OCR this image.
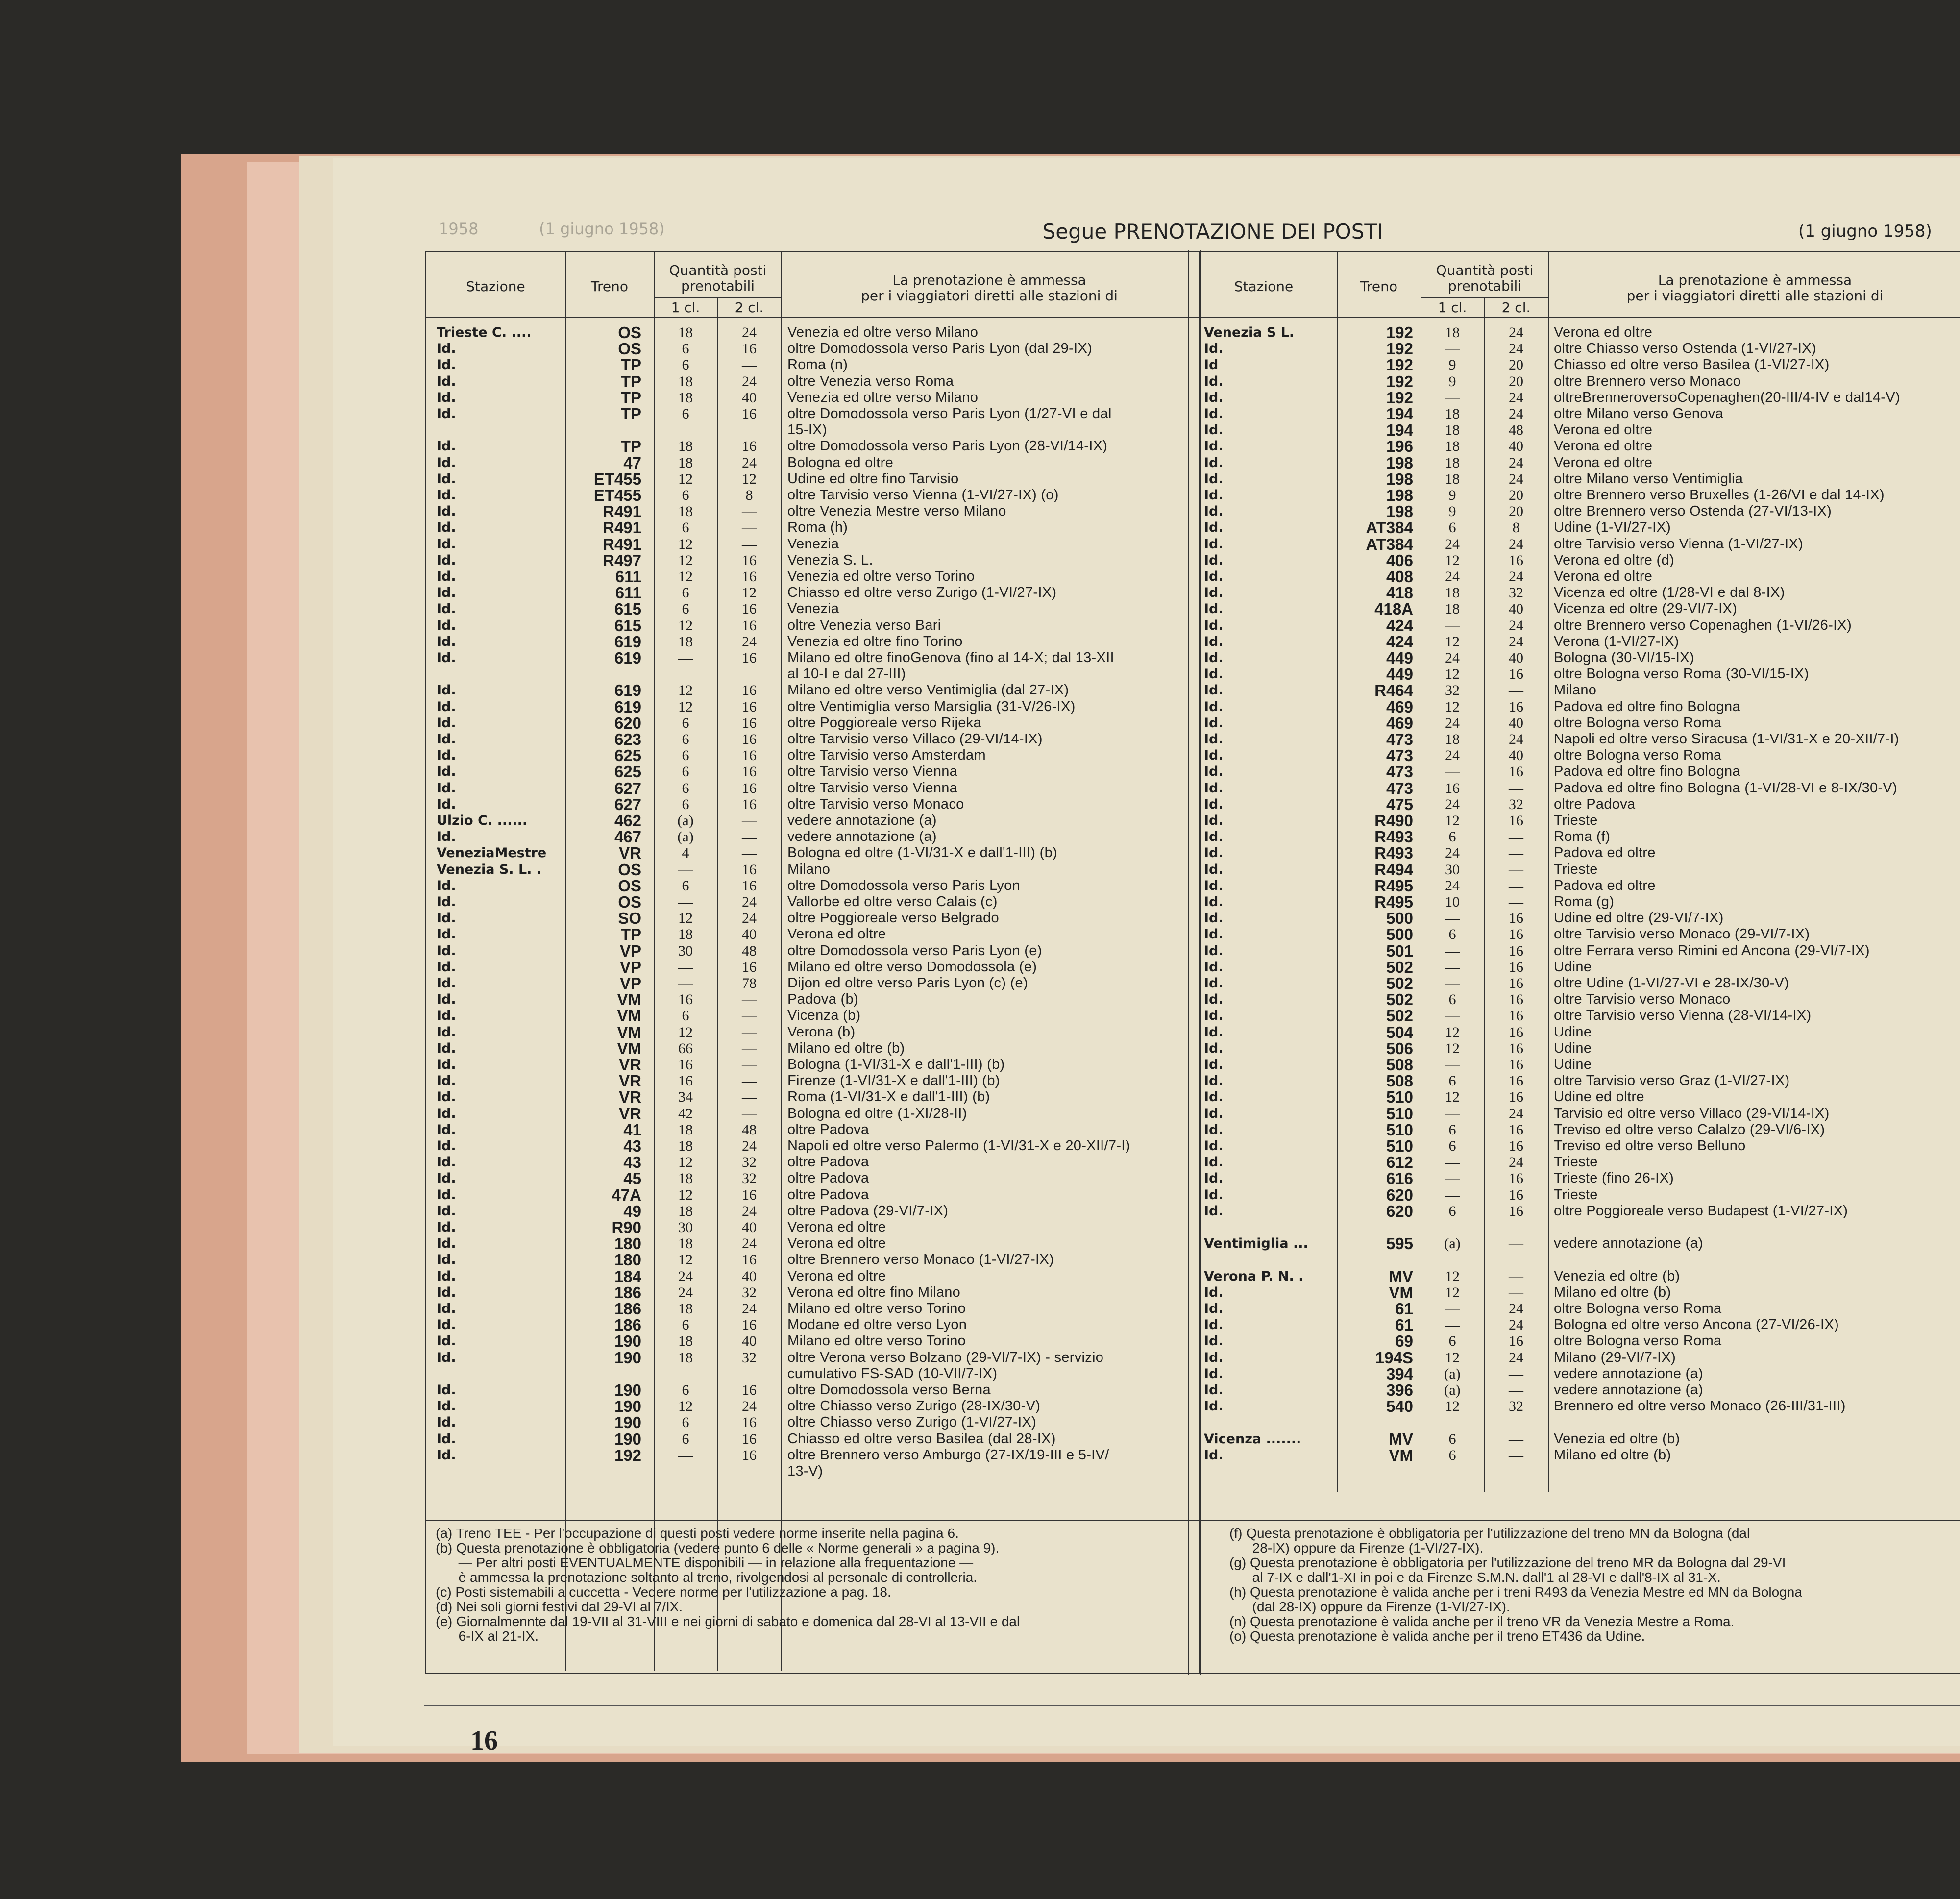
1958	(1 giugno 1958)	Segue PRENOTAZIONE DEI POSTI	(1 giugno 1958)
Stazione	Treno
Quantità posti prenotabili
1 cl.	2 cl.
La prenotazione è ammessa
per i viaggiatori diretti alle stazioni di
Trieste C. ....	OS	18	24	Venezia ed oltre verso Milano
Id.	OS	6	16	oltre Domodossola verso Paris Lyon (dal 29-IX)
Id.	TP	6	—	Roma (n)
Id.	TP	18	24	oltre Venezia verso Roma
Id.	TP	18	40	Venezia ed oltre verso Milano
Id.	TP	6	16	oltre Domodossola verso Paris Lyon (1/27-VI e dal
15-IX)
Id.	TP	18	16	oltre Domodossola verso Paris Lyon (28-VI/14-IX)
Id.	47	18	24	Bologna ed oltre
Id.	ET455	12	12	Udine ed oltre fino Tarvisio
Id.	ET455	6	8	oltre Tarvisio verso Vienna (1-VI/27-IX) (o)
Id.	R491	18	—	oltre Venezia Mestre verso Milano
Id.	R491	6	—	Roma (h)
Id.	R491	12	—	Venezia
Id.	R497	12	16	Venezia S. L.
Id.	611	12	16	Venezia ed oltre verso Torino
Id.	611	6	12	Chiasso ed oltre verso Zurigo (1-VI/27-IX)
Id.	615	6	16	Venezia
Id.	615	12	16	oltre Venezia verso Bari
Id.	619	18	24	Venezia ed oltre fino Torino
Id.	619	—	16	Milano ed oltre finoGenova (fino al 14-X; dal 13-XII
al 10-I e dal 27-III)
Id.	619	12	16	Milano ed oltre verso Ventimiglia (dal 27-IX)
Id.	619	12	16	oltre Ventimiglia verso Marsiglia (31-V/26-IX)
Id.	620	6	16	oltre Poggioreale verso Rijeka
Id.	623	6	16	oltre Tarvisio verso Villaco (29-VI/14-IX)
Id.	625	6	16	oltre Tarvisio verso Amsterdam
Id.	625	6	16	oltre Tarvisio verso Vienna
Id.	627	6	16	oltre Tarvisio verso Vienna
Id.	627	6	16	oltre Tarvisio verso Monaco
Ulzio C. ......	462	(a)	—	vedere annotazione (a)
Id.	467	(a)	—	vedere annotazione (a)
VeneziaMestre	VR	4	—	Bologna ed oltre (1-VI/31-X e dall'1-III) (b)
Venezia S. L. .	OS	—	16	Milano
Id.	OS	6	16	oltre Domodossola verso Paris Lyon
Id.	OS	—	24	Vallorbe ed oltre verso Calais (c)
Id.	SO	12	24	oltre Poggioreale verso Belgrado
Id.	TP	18	40	Verona ed oltre
Id.	VP	30	48	oltre Domodossola verso Paris Lyon (e)
Id.	VP	—	16	Milano ed oltre verso Domodossola (e)
Id.	VP	—	78	Dijon ed oltre verso Paris Lyon (c) (e)
Id.	VM	16	—	Padova (b)
Id.	VM	6	—	Vicenza (b)
Id.	VM	12	—	Verona (b)
Id.	VM	66	—	Milano ed oltre (b)
Id.	VR	16	—	Bologna (1-VI/31-X e dall'1-III) (b)
Id.	VR	16	—	Firenze (1-VI/31-X e dall'1-III) (b)
Id.	VR	34	—	Roma (1-VI/31-X e dall'1-III) (b)
Id.	VR	42	—	Bologna ed oltre (1-XI/28-II)
Id.	41	18	48	oltre Padova
Id.	43	18	24	Napoli ed oltre verso Palermo (1-VI/31-X e 20-XII/7-I)
Id.	43	12	32	oltre Padova
Id.	45	18	32	oltre Padova
Id.	47A	12	16	oltre Padova
Id.	49	18	24	oltre Padova (29-VI/7-IX)
Id.	R90	30	40	Verona ed oltre
Id.	180	18	24	Verona ed oltre
Id.	180	12	16	oltre Brennero verso Monaco (1-VI/27-IX)
Id.	184	24	40	Verona ed oltre
Id.	186	24	32	Verona ed oltre fino Milano
Id.	186	18	24	Milano ed oltre verso Torino
Id.	186	6	16	Modane ed oltre verso Lyon
Id.	190	18	40	Milano ed oltre verso Torino
Id.	190	18	32	oltre Verona verso Bolzano (29-VI/7-IX) - servizio
cumulativo FS-SAD (10-VII/7-IX)
Id.	190	6	16	oltre Domodossola verso Berna
Id.	190	12	24	oltre Chiasso verso Zurigo (28-IX/30-V)
Id.	190	6	16	oltre Chiasso verso Zurigo (1-VI/27-IX)
Id.	190	6	16	Chiasso ed oltre verso Basilea (dal 28-IX)
Id.	192	—	16	oltre Brennero verso Amburgo (27-IX/19-III e 5-IV/
13-V)
(a) Treno TEE - Per l'occupazione di questi posti vedere norme inserite nella pagina 6.
(b) Questa prenotazione è obbligatoria (vedere punto 6 delle « Norme generali » a pagina 9).
— Per altri posti EVENTUALMENTE disponibili — in relazione alla frequentazione —
è ammessa la prenotazione soltanto al treno, rivolgendosi al personale di controlleria.
(c) Posti sistemabili a cuccetta - Vedere norme per l'utilizzazione a pag. 18.
(d) Nei soli giorni festivi dal 29-VI al 7/IX.
(e) Giornalmennte dal 19-VII al 31-VIII e nei giorni di sabato e domenica dal 28-VI al 13-VII e dal
6-IX al 21-IX.
Stazione	Treno
Quantità posti prenotabili
1 cl.	2 cl.
La prenotazione è ammessa
per i viaggiatori diretti alle stazioni di
Venezia S L.	192	18	24	Verona ed oltre
Id.	192	—	24	oltre Chiasso verso Ostenda (1-VI/27-IX)
Id	192	9	20	Chiasso ed oltre verso Basilea (1-VI/27-IX)
Id.	192	9	20	oltre Brennero verso Monaco
Id.	192	—	24	oltreBrenneroversoCopenaghen(20-III/4-IV e dal14-V)
Id.	194	18	24	oltre Milano verso Genova
Id.	194	18	48	Verona ed oltre
Id.	196	18	40	Verona ed oltre
Id.	198	18	24	Verona ed oltre
Id.	198	18	24	oltre Milano verso Ventimiglia
Id.	198	9	20	oltre Brennero verso Bruxelles (1-26/VI e dal 14-IX)
Id.	198	9	20	oltre Brennero verso Ostenda (27-VI/13-IX)
Id.	AT384	6	8	Udine (1-VI/27-IX)
Id.	AT384	24	24	oltre Tarvisio verso Vienna (1-VI/27-IX)
Id.	406	12	16	Verona ed oltre (d)
Id.	408	24	24	Verona ed oltre
Id.	418	18	32	Vicenza ed oltre (1/28-VI e dal 8-IX)
Id.	418A	18	40	Vicenza ed oltre (29-VI/7-IX)
Id.	424	—	24	oltre Brennero verso Copenaghen (1-VI/26-IX)
Id.	424	12	24	Verona (1-VI/27-IX)
Id.	449	24	40	Bologna (30-VI/15-IX)
Id.	449	12	16	oltre Bologna verso Roma (30-VI/15-IX)
Id.	R464	32	—	Milano
Id.	469	12	16	Padova ed oltre fino Bologna
Id.	469	24	40	oltre Bologna verso Roma
Id.	473	18	24	Napoli ed oltre verso Siracusa (1-VI/31-X e 20-XII/7-I)
Id.	473	24	40	oltre Bologna verso Roma
Id.	473	—	16	Padova ed oltre fino Bologna
Id.	473	16	—	Padova ed oltre fino Bologna (1-VI/28-VI e 8-IX/30-V)
Id.	475	24	32	oltre Padova
Id.	R490	12	16	Trieste
Id.	R493	6	—	Roma (f)
Id.	R493	24	—	Padova ed oltre
Id.	R494	30	—	Trieste
Id.	R495	24	—	Padova ed oltre
Id.	R495	10	—	Roma (g)
Id.	500	—	16	Udine ed oltre (29-VI/7-IX)
Id.	500	6	16	oltre Tarvisio verso Monaco (29-VI/7-IX)
Id.	501	—	16	oltre Ferrara verso Rimini ed Ancona (29-VI/7-IX)
Id.	502	—	16	Udine
Id.	502	—	16	oltre Udine (1-VI/27-VI e 28-IX/30-V)
Id.	502	6	16	oltre Tarvisio verso Monaco
Id.	502	—	16	oltre Tarvisio verso Vienna (28-VI/14-IX)
Id.	504	12	16	Udine
Id.	506	12	16	Udine
Id.	508	—	16	Udine
Id.	508	6	16	oltre Tarvisio verso Graz (1-VI/27-IX)
Id.	510	12	16	Udine ed oltre
Id.	510	—	24	Tarvisio ed oltre verso Villaco (29-VI/14-IX)
Id.	510	6	16	Treviso ed oltre verso Calalzo (29-VI/6-IX)
Id.	510	6	16	Treviso ed oltre verso Belluno
Id.	612	—	24	Trieste
Id.	616	—	16	Trieste (fino 26-IX)
Id.	620	—	16	Trieste
Id.	620	6	16	oltre Poggioreale verso Budapest (1-VI/27-IX)
Ventimiglia ...	595	(a)	—	vedere annotazione (a)
Verona P. N. .	MV	12	—	Venezia ed oltre (b)
Id.	VM	12	—	Milano ed oltre (b)
Id.	61	—	24	oltre Bologna verso Roma
Id.	61	—	24	Bologna ed oltre verso Ancona (27-VI/26-IX)
Id.	69	6	16	oltre Bologna verso Roma
Id.	194S	12	24	Milano (29-VI/7-IX)
Id.	394	(a)	—	vedere annotazione (a)
Id.	396	(a)	—	vedere annotazione (a)
Id.	540	12	32	Brennero ed oltre verso Monaco (26-III/31-III)
Vicenza .......	MV	6	—	Venezia ed oltre (b)
Id.	VM	6	—	Milano ed oltre (b)
(f) Questa prenotazione è obbligatoria per l'utilizzazione del treno MN da Bologna (dal
28-IX) oppure da Firenze (1-VI/27-IX).
(g) Questa prenotazione è obbligatoria per l'utilizzazione del treno MR da Bologna dal 29-VI
al 7-IX e dall'1-XI in poi e da Firenze S.M.N. dall'1 al 28-VI e dall'8-IX al 31-X.
(h) Questa prenotazione è valida anche per i treni R493 da Venezia Mestre ed MN da Bologna
(dal 28-IX) oppure da Firenze (1-VI/27-IX).
(n) Questa prenotazione è valida anche per il treno VR da Venezia Mestre a Roma.
(o) Questa prenotazione è valida anche per il treno ET436 da Udine.
16
